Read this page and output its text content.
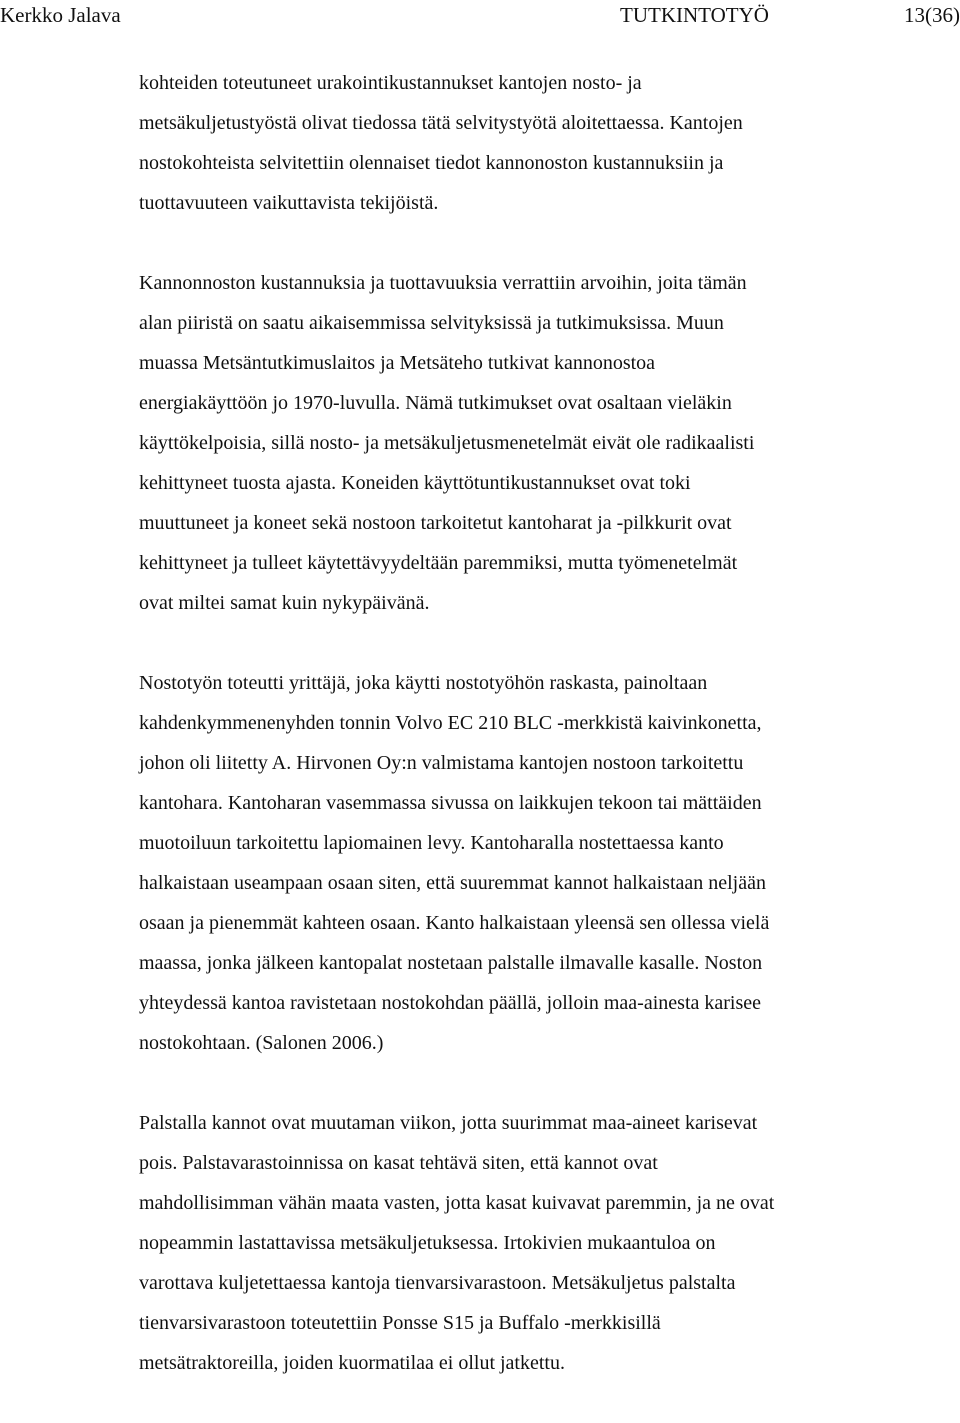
Kerkko Jalava	TUTKINTOTYÖ	13(36)
kohteiden toteutuneet urakointikustannukset kantojen nosto- ja
metsäkuljetustyöstä olivat tiedossa tätä selvitystyötä aloitettaessa. Kantojen
nostokohteista selvitettiin olennaiset tiedot kannonoston kustannuksiin ja
tuottavuuteen vaikuttavista tekijöistä.
Kannonnoston kustannuksia ja tuottavuuksia verrattiin arvoihin, joita tämän
alan piiristä on saatu aikaisemmissa selvityksissä ja tutkimuksissa. Muun
muassa Metsäntutkimuslaitos ja Metsäteho tutkivat kannonostoa
energiakäyttöön jo 1970-luvulla. Nämä tutkimukset ovat osaltaan vieläkin
käyttökelpoisia, sillä nosto- ja metsäkuljetusmenetelmät eivät ole radikaalisti
kehittyneet tuosta ajasta. Koneiden käyttötuntikustannukset ovat toki
muuttuneet ja koneet sekä nostoon tarkoitetut kantoharat ja -pilkkurit ovat
kehittyneet ja tulleet käytettävyydeltään paremmiksi, mutta työmenetelmät
ovat miltei samat kuin nykypäivänä.
Nostotyön toteutti yrittäjä, joka käytti nostotyöhön raskasta, painoltaan
kahdenkymmenenyhden tonnin Volvo EC 210 BLC -merkkistä kaivinkonetta,
johon oli liitetty A. Hirvonen Oy:n valmistama kantojen nostoon tarkoitettu
kantohara. Kantoharan vasemmassa sivussa on laikkujen tekoon tai mättäiden
muotoiluun tarkoitettu lapiomainen levy. Kantoharalla nostettaessa kanto
halkaistaan useampaan osaan siten, että suuremmat kannot halkaistaan neljään
osaan ja pienemmät kahteen osaan. Kanto halkaistaan yleensä sen ollessa vielä
maassa, jonka jälkeen kantopalat nostetaan palstalle ilmavalle kasalle. Noston
yhteydessä kantoa ravistetaan nostokohdan päällä, jolloin maa-ainesta karisee
nostokohtaan. (Salonen 2006.)
Palstalla kannot ovat muutaman viikon, jotta suurimmat maa-aineet karisevat
pois. Palstavarastoinnissa on kasat tehtävä siten, että kannot ovat
mahdollisimman vähän maata vasten, jotta kasat kuivavat paremmin, ja ne ovat
nopeammin lastattavissa metsäkuljetuksessa. Irtokivien mukaantuloa on
varottava kuljetettaessa kantoja tienvarsivarastoon. Metsäkuljetus palstalta
tienvarsivarastoon toteutettiin Ponsse S15 ja Buffalo -merkkisillä
metsätraktoreilla, joiden kuormatilaa ei ollut jatkettu.
